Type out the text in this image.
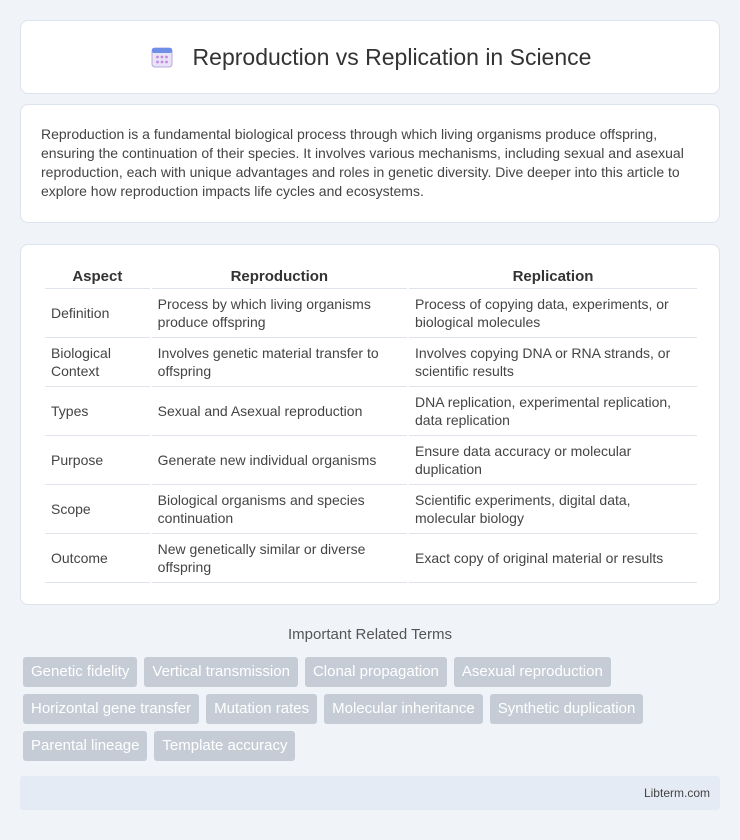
Reproduction vs Replication in Science

Reproduction is a fundamental biological process through which living organisms produce offspring, ensuring the continuation of their species. It involves various mechanisms, including sexual and asexual reproduction, each with unique advantages and roles in genetic diversity. Dive deeper into this article to explore how reproduction impacts life cycles and ecosystems.

Aspect	Reproduction	Replication
Definition	Process by which living organisms produce offspring	Process of copying data, experiments, or biological molecules
Biological Context	Involves genetic material transfer to offspring	Involves copying DNA or RNA strands, or scientific results
Types	Sexual and Asexual reproduction	DNA replication, experimental replication, data replication
Purpose	Generate new individual organisms	Ensure data accuracy or molecular duplication
Scope	Biological organisms and species continuation	Scientific experiments, digital data, molecular biology
Outcome	New genetically similar or diverse offspring	Exact copy of original material or results
Important Related Terms
Genetic fidelity	Vertical transmission	Clonal propagation	Asexual reproduction
Horizontal gene transfer	Mutation rates	Molecular inheritance	Synthetic duplication
Parental lineage	Template accuracy
Libterm.com
